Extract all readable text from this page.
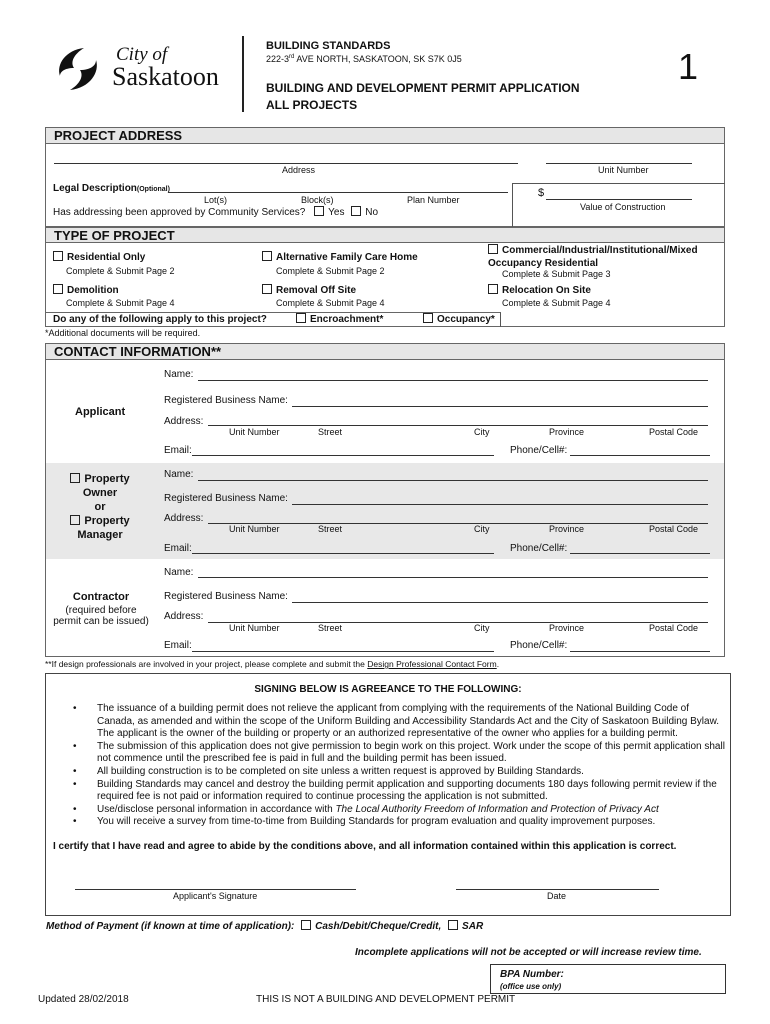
City of
Saskatoon
BUILDING STANDARDS
222-3rd AVE NORTH, SASKATOON, SK S7K 0J5
BUILDING AND DEVELOPMENT PERMIT APPLICATION
ALL PROJECTS
1
PROJECT ADDRESS
Address	Unit Number
Legal Description(Optional)
Lot(s)	Block(s)	Plan Number
$
Value of Construction
Has addressing been approved by Community Services? Yes No
TYPE OF PROJECT
Residential Only
Complete & Submit Page 2
Alternative Family Care Home
Complete & Submit Page 2
Commercial/Industrial/Institutional/Mixed Occupancy Residential
Complete & Submit Page 3
Demolition
Complete & Submit Page 4
Removal Off Site
Complete & Submit Page 4
Relocation On Site
Complete & Submit Page 4
Do any of the following apply to this project?	Encroachment*	Occupancy*
*Additional documents will be required.
CONTACT INFORMATION**
Applicant
Name:
Registered Business Name:
Address:
Unit Number	Street	City	Province	Postal Code
Email:	Phone/Cell#:
Property
Owner
or
Property
Manager
Name:
Registered Business Name:
Address:
Unit Number	Street	City	Province	Postal Code
Email:	Phone/Cell#:
Contractor
(required before
permit can be issued)
Name:
Registered Business Name:
Address:
Unit Number	Street	City	Province	Postal Code
Email:	Phone/Cell#:
**If design professionals are involved in your project, please complete and submit the Design Professional Contact Form.
SIGNING BELOW IS AGREEANCE TO THE FOLLOWING:
• The issuance of a building permit does not relieve the applicant from complying with the requirements of the National Building Code of Canada, as amended and within the scope of the Uniform Building and Accessibility Standards Act and the City of Saskatoon Building Bylaw. The applicant is the owner of the building or property or an authorized representative of the owner who applies for a building permit.
• The submission of this application does not give permission to begin work on this project. Work under the scope of this permit application shall not commence until the prescribed fee is paid in full and the building permit has been issued.
• All building construction is to be completed on site unless a written request is approved by Building Standards.
• Building Standards may cancel and destroy the building permit application and supporting documents 180 days following permit review if the required fee is not paid or information required to continue processing the application is not submitted.
• Use/disclose personal information in accordance with The Local Authority Freedom of Information and Protection of Privacy Act
• You will receive a survey from time-to-time from Building Standards for program evaluation and quality improvement purposes.
I certify that I have read and agree to abide by the conditions above, and all information contained within this application is correct.
Applicant's Signature	Date
Method of Payment (if known at time of application): Cash/Debit/Cheque/Credit, SAR
Incomplete applications will not be accepted or will increase review time.
BPA Number:
(office use only)
Updated 28/02/2018	THIS IS NOT A BUILDING AND DEVELOPMENT PERMIT
